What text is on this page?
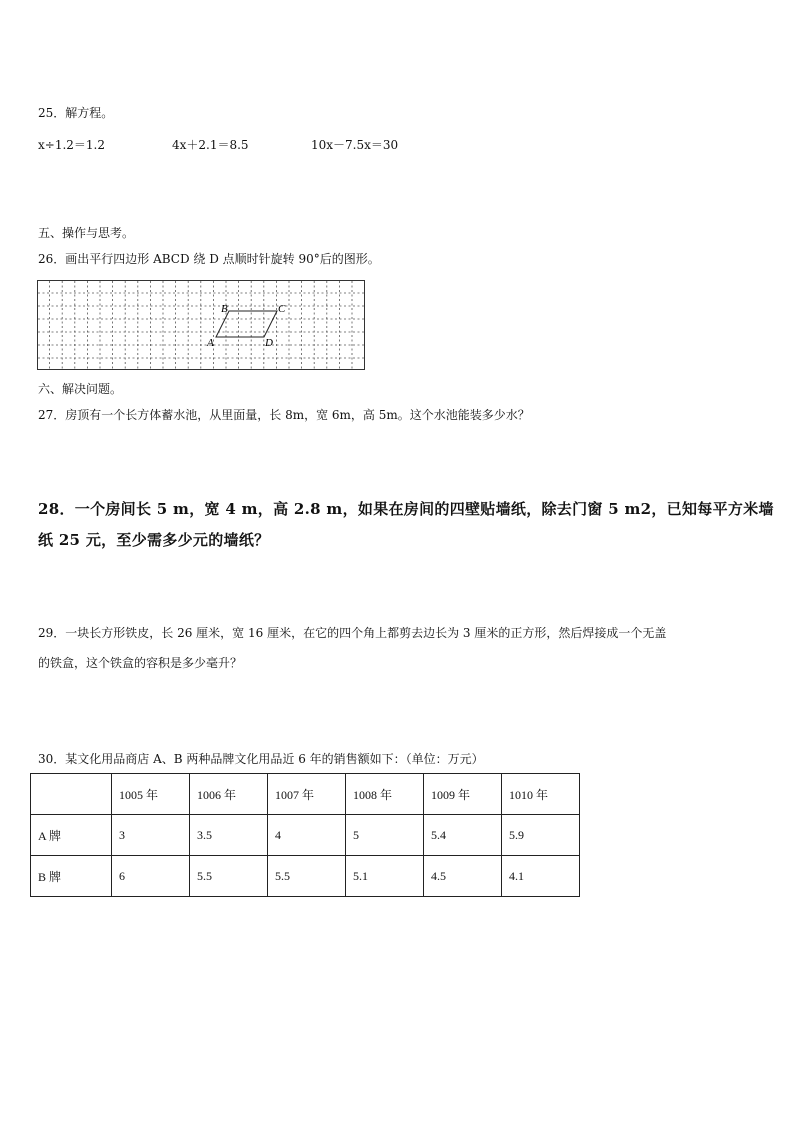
25．解方程。
x÷1.2＝1.2	4x＋2.1＝8.5	10x－7.5x＝30
五、操作与思考。
26．画出平行四边形 ABCD 绕 D 点顺时针旋转 90°后的图形。
A
B	C
D
六、解决问题。
27．房顶有一个长方体蓄水池，从里面量，长 8m，宽 6m，高 5m。这个水池能装多少水？
28．一个房间长 5 m，宽 4 m，高 2.8 m，如果在房间的四壁贴墙纸，除去门窗 5 m2，已知每平方米墙
纸 25 元，至少需多少元的墙纸？
29．一块长方形铁皮，长 26 厘米，宽 16 厘米，在它的四个角上都剪去边长为 3 厘米的正方形，然后焊接成一个无盖
的铁盒，这个铁盒的容积是多少毫升？
30．某文化用品商店 A、B 两种品牌文化用品近 6 年的销售额如下：（单位：万元）
	1005 年	1006 年	1007 年	1008 年	1009 年	1010 年
A 牌	3	3.5	4	5	5.4	5.9
B 牌	6	5.5	5.5	5.1	4.5	4.1
